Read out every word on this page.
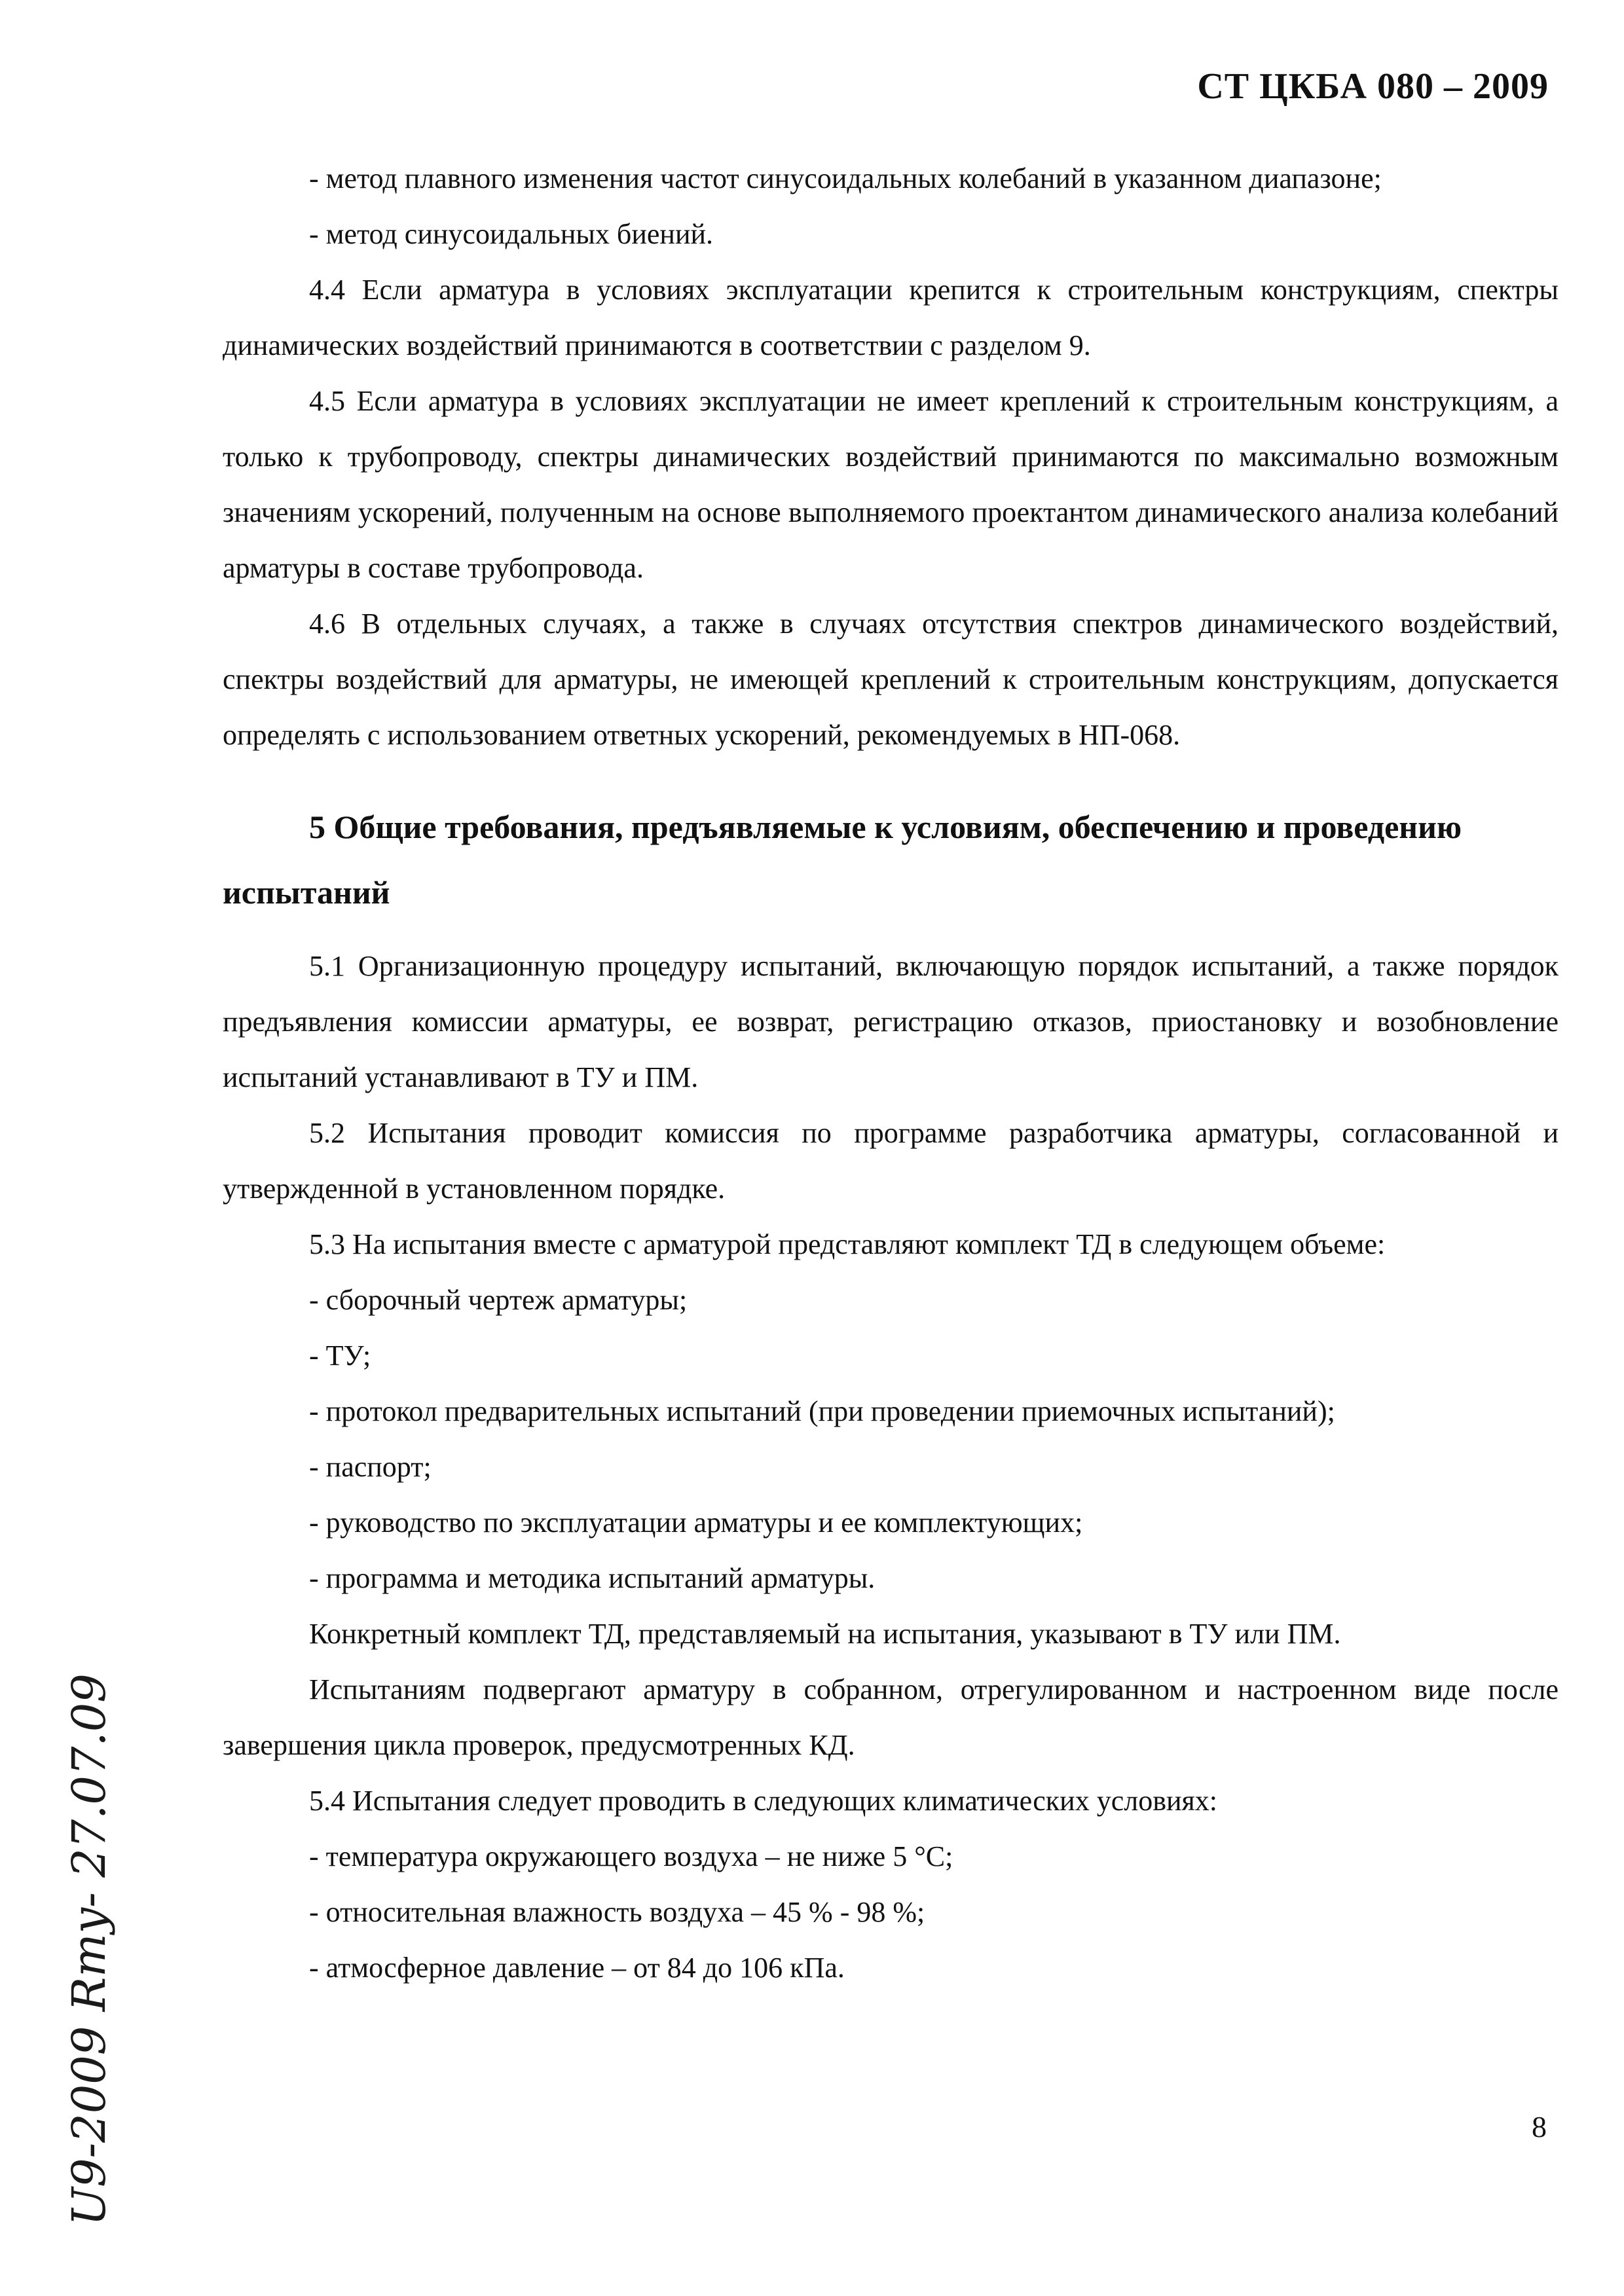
СТ ЦКБА 080 – 2009
- метод плавного изменения частот синусоидальных колебаний в указанном диапазоне;
- метод синусоидальных биений.

4.4 Если арматура в условиях эксплуатации крепится к строительным конструкциям, спектры динамических воздействий принимаются в соответствии с разделом 9.

4.5 Если арматура в условиях эксплуатации не имеет креплений к строительным конструкциям, а только к трубопроводу, спектры динамических воздействий принимаются по максимально возможным значениям ускорений, полученным на основе выполняемого проектантом динамического анализа колебаний арматуры в составе трубопровода.

4.6 В отдельных случаях, а также в случаях отсутствия спектров динамического воздействий, спектры воздействий для арматуры, не имеющей креплений к строительным конструкциям, допускается определять с использованием ответных ускорений, рекомендуемых в НП-068.

5 Общие требования, предъявляемые к условиям, обеспечению и проведению испытаний

5.1 Организационную процедуру испытаний, включающую порядок испытаний, а также порядок предъявления комиссии арматуры, ее возврат, регистрацию отказов, приостановку и возобновление испытаний устанавливают в ТУ и ПМ.

5.2 Испытания проводит комиссия по программе разработчика арматуры, согласованной и утвержденной в установленном порядке.

5.3 На испытания вместе с арматурой представляют комплект ТД в следующем объеме:

- сборочный чертеж арматуры;
- ТУ;
- протокол предварительных испытаний (при проведении приемочных испытаний);
- паспорт;
- руководство по эксплуатации арматуры и ее комплектующих;
- программа и методика испытаний арматуры.

Конкретный комплект ТД, представляемый на испытания, указывают в ТУ или ПМ.

Испытаниям подвергают арматуру в собранном, отрегулированном и настроенном виде после завершения цикла проверок, предусмотренных КД.

5.4 Испытания следует проводить в следующих климатических условиях:

- температура окружающего воздуха – не ниже 5 °С;
- относительная влажность воздуха – 45 % - 98 %;
- атмосферное давление – от 84 до 106 кПа.
U9-2009 Rmy- 27.07.09	8
